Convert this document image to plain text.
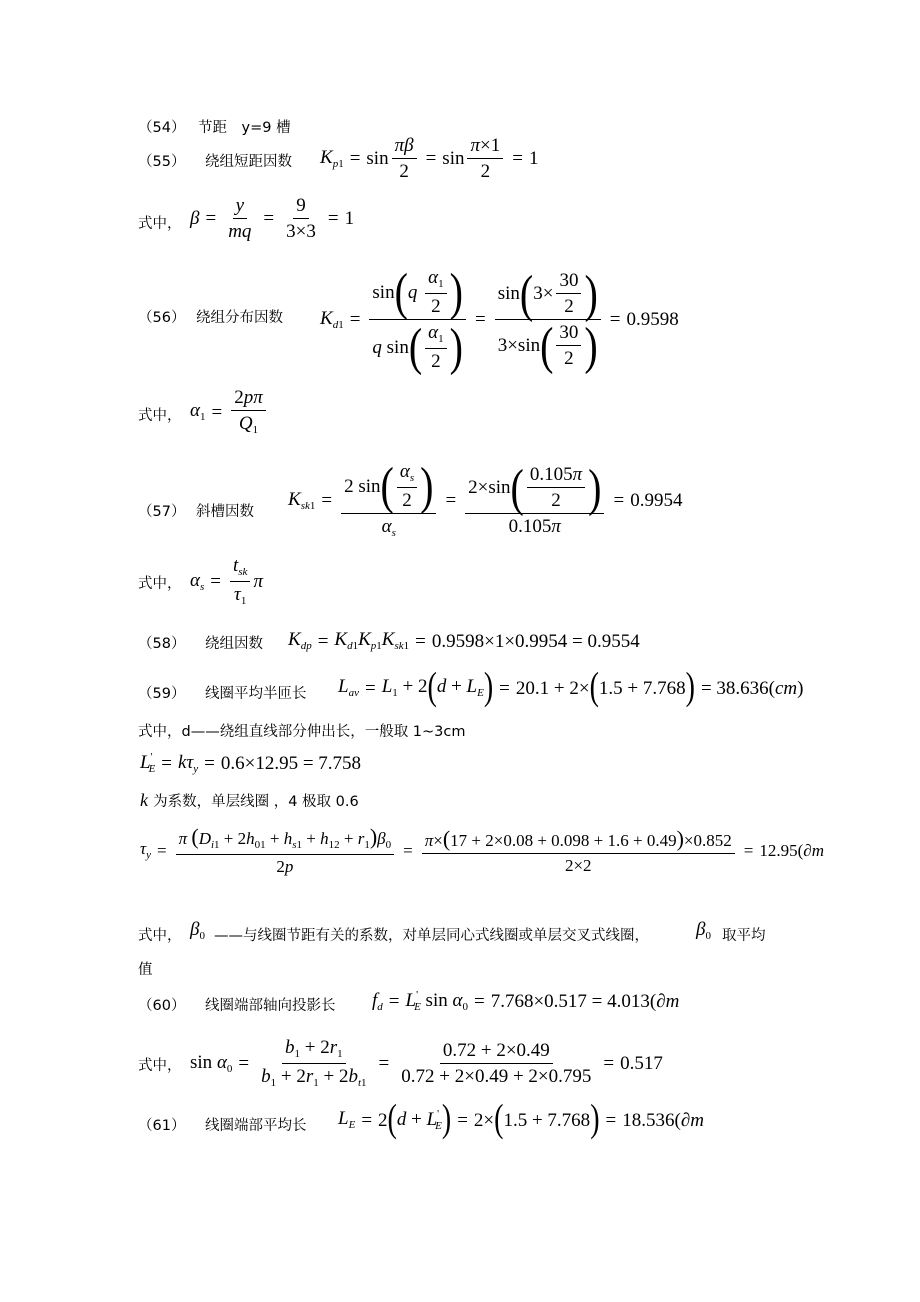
（54） 节距　y=9 槽
（55） 绕组短距因数 $K_{p1} = \sin \frac{\pi\beta}{2} = \sin \frac{\pi\times 1}{2} = 1$
式中， $\beta = \frac{y}{mq} = \frac{9}{3\times 3} = 1$
（56） 绕组分布因数 $K_{d1} = \sin$ ( q
$\frac{\alpha_1}{2}$ )
q sin ( $\frac{\alpha_1}{2}$ ) = $\frac{\sin ( 3\times \frac{30}{2} )}{3\times\sin ( \frac{30}{2} )} = 0.9598$
式中， $\alpha_1 = \frac{2p\pi}{Q_1}$
（57） 斜槽因数
$K_{sk1} = \frac{2 \sin ( \frac{\alpha_s}{2} )}{\alpha_s} = \frac{2\times\sin ( \frac{0.105\pi}{2} )}{0.105\pi} = 0.9954$
式中， $\alpha_s = \frac{t_{sk}}{\tau_1}$ π
（58） 绕组因数 $K_{dp} = K_{d1}K_{p1}K_{sk1} = 0.9598\times 1\times 0.9954 = 0.9554$
（59） 线圈平均半匝长 $L_{av} = L_1 + 2$ ( $d + L_E$ ) = 20.1 + 2× ( 1.5 + 7.768 ) = 38.636( cm)
式中，d——绕组直线部分伸出长，一般取 1~3cm
$L'_E = k\tau_y = 0.6\times 12.95 = 7.758$
k 为系数，单层线圈 ，4 极取 0.6
$\tau_y = \frac{\pi (D_{i1} + 2h_{01} + h_{s1} + h_{12} + r_1)\beta_0}{2p} = \frac{\pi\times(17 + 2\times 0.08 + 0.098 + 1.6 + 0.49)\times 0.852}{2\times 2} = 12.95$( ∂m
式中， $\beta_0$ ——与线圈节距有关的系数，对单层同心式线圈或单层交叉式线圈， $\beta_0$ 取平均
值
（60） 线圈端部轴向投影长 $f_d = L'_E$ $\sin \alpha_0 = 7.768\times 0.517 = 4.013$( ∂m
式中， $\sin \alpha_0 = \frac{b_1 + 2r_1}{b_1 + 2r_1 + 2b_{t1}} = \frac{0.72 + 2\times 0.49}{0.72 + 2\times 0.49 + 2\times 0.795} = 0.517$
（61） 线圈端部平均长 $L_E = 2$ ( $d + L'_E$ ) = 2× ( 1.5 + 7.768 ) = 18.536( ∂m
